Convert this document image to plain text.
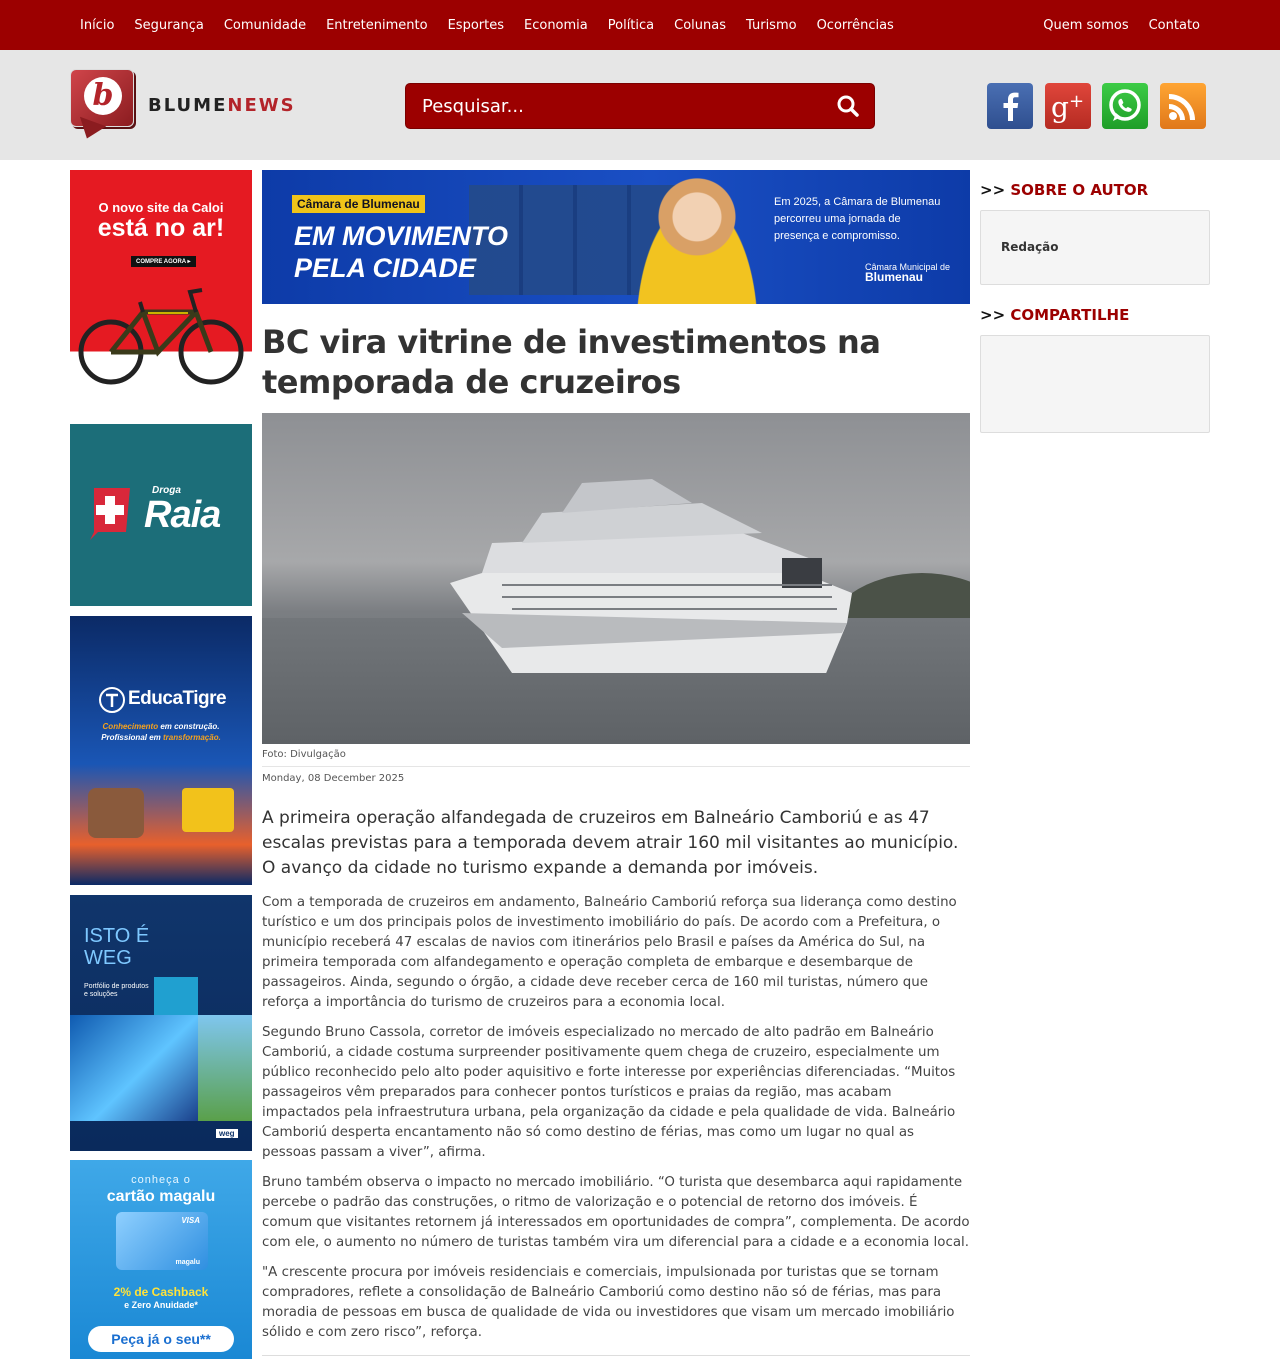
Início Segurança Comunidade Entretenimento Esportes Economia Política Colunas Turismo Ocorrências	Quem somos Contato
b	BLUMENEWS
Pesquisar...	g +
O novo site da Caloi
está no ar!
COMPRE AGORA ▸
Droga
Raia
EducaTigre
Conhecimento em construção.
Profissional em transformação.
ISTO É
WEG
Portfólio de produtos e soluções
weg
conheça o
cartão magalu
VISA
magalu
2% de Cashback
e Zero Anuidade*
Peça já o seu**
Câmara de Blumenau
EM MOVIMENTO
PELA CIDADE
Em 2025, a Câmara de Blumenau percorreu uma jornada de presença e compromisso.
Câmara Municipal de
Blumenau
BC vira vitrine de investimentos na temporada de cruzeiros
Foto: Divulgação
Monday, 08 December 2025
A primeira operação alfandegada de cruzeiros em Balneário Camboriú e as 47 escalas previstas para a temporada devem atrair 160 mil visitantes ao município. O avanço da cidade no turismo expande a demanda por imóveis.

Com a temporada de cruzeiros em andamento, Balneário Camboriú reforça sua liderança como destino turístico e um dos principais polos de investimento imobiliário do país. De acordo com a Prefeitura, o município receberá 47 escalas de navios com itinerários pelo Brasil e países da América do Sul, na primeira temporada com alfandegamento e operação completa de embarque e desembarque de passageiros. Ainda, segundo o órgão, a cidade deve receber cerca de 160 mil turistas, número que reforça a importância do turismo de cruzeiros para a economia local.

Segundo Bruno Cassola, corretor de imóveis especializado no mercado de alto padrão em Balneário Camboriú, a cidade costuma surpreender positivamente quem chega de cruzeiro, especialmente um público reconhecido pelo alto poder aquisitivo e forte interesse por experiências diferenciadas. “Muitos passageiros vêm preparados para conhecer pontos turísticos e praias da região, mas acabam impactados pela infraestrutura urbana, pela organização da cidade e pela qualidade de vida. Balneário Camboriú desperta encantamento não só como destino de férias, mas como um lugar no qual as pessoas passam a viver”, afirma.

Bruno também observa o impacto no mercado imobiliário. “O turista que desembarca aqui rapidamente percebe o padrão das construções, o ritmo de valorização e o potencial de retorno dos imóveis. É comum que visitantes retornem já interessados em oportunidades de compra”, complementa. De acordo com ele, o aumento no número de turistas também vira um diferencial para a cidade e a economia local.

"A crescente procura por imóveis residenciais e comerciais, impulsionada por turistas que se tornam compradores, reflete a consolidação de Balneário Camboriú como destino não só de férias, mas para moradia de pessoas em busca de qualidade de vida ou investidores que visam um mercado imobiliário sólido e com zero risco”, reforça.

>> SOBRE O AUTOR
Redação
>> COMPARTILHE
